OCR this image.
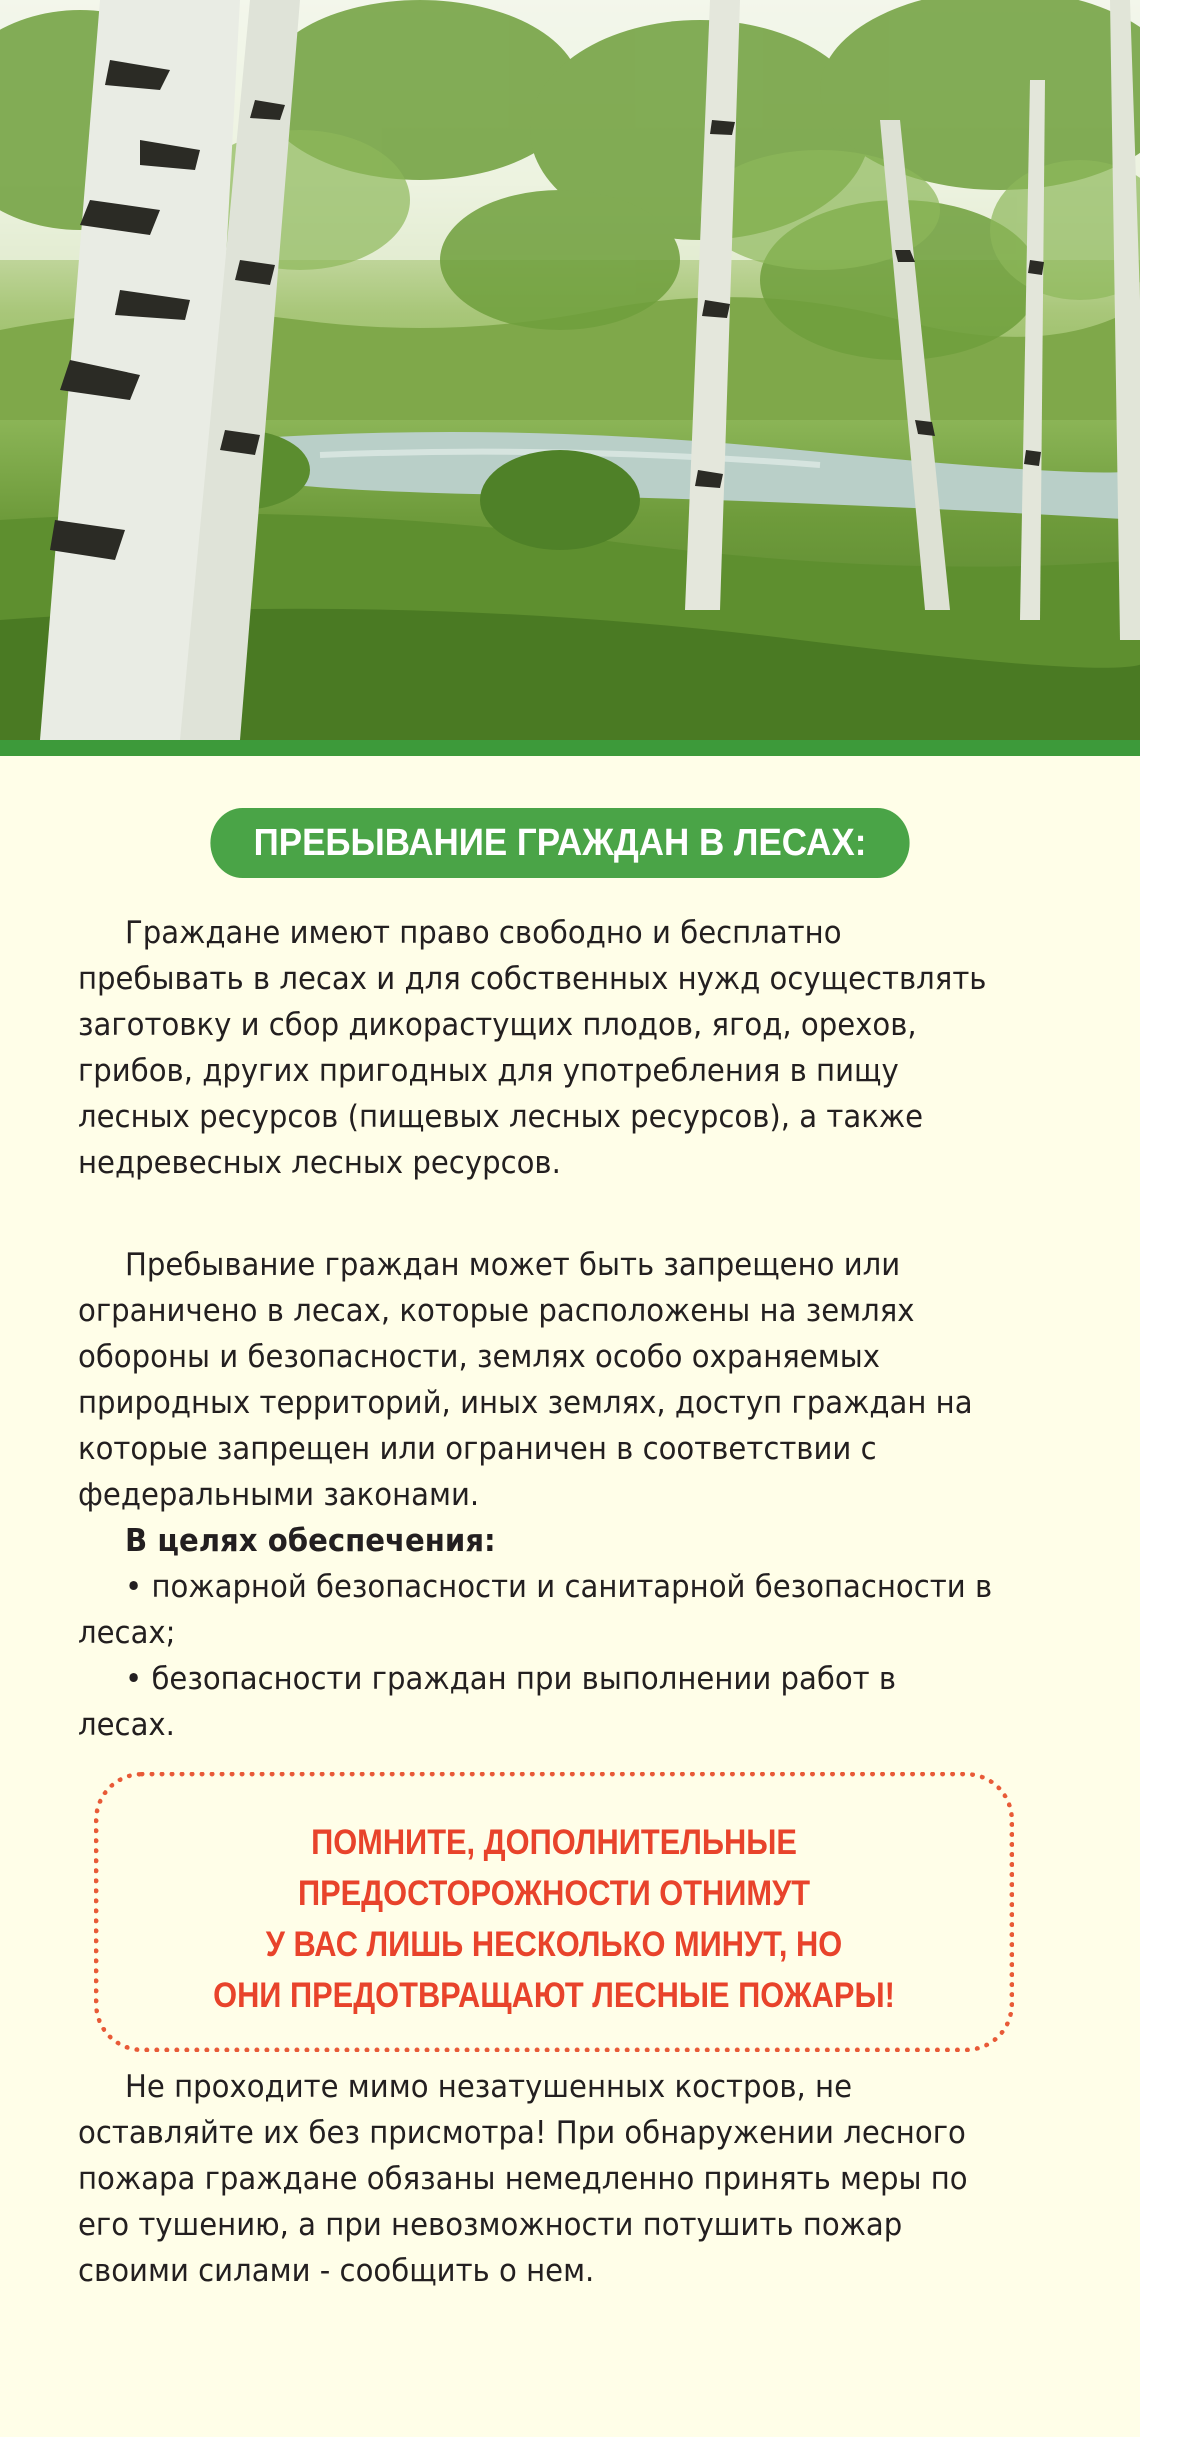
ПРЕБЫВАНИЕ ГРАЖДАН В ЛЕСАХ:

Граждане имеют право свободно и бесплатно пребывать в лесах и для собственных нужд осуществлять заготовку и сбор дикорастущих плодов, ягод, орехов, грибов, других пригодных для употребления в пищу лесных ресурсов (пищевых лесных ресурсов), а также недревесных лесных ресурсов.

Пребывание граждан может быть запрещено или ограничено в лесах, которые расположены на землях обороны и безопасности, землях особо охраняемых природных территорий, иных землях, доступ граждан на которые запрещен или ограничен в соответствии с федеральными законами.

В целях обеспечения:

• пожарной безопасности и санитарной безопасности в лесах;

• безопасности граждан при выполнении работ в лесах.

ПОМНИТЕ, ДОПОЛНИТЕЛЬНЫЕ
ПРЕДОСТОРОЖНОСТИ ОТНИМУТ
У ВАС ЛИШЬ НЕСКОЛЬКО МИНУТ, НО
ОНИ ПРЕДОТВРАЩАЮТ ЛЕСНЫЕ ПОЖАРЫ!

Не проходите мимо незатушенных костров, не оставляйте их без присмотра! При обнаружении лесного пожара граждане обязаны немедленно принять меры по его тушению, а при невозможности потушить пожар своими силами - сообщить о нем.
